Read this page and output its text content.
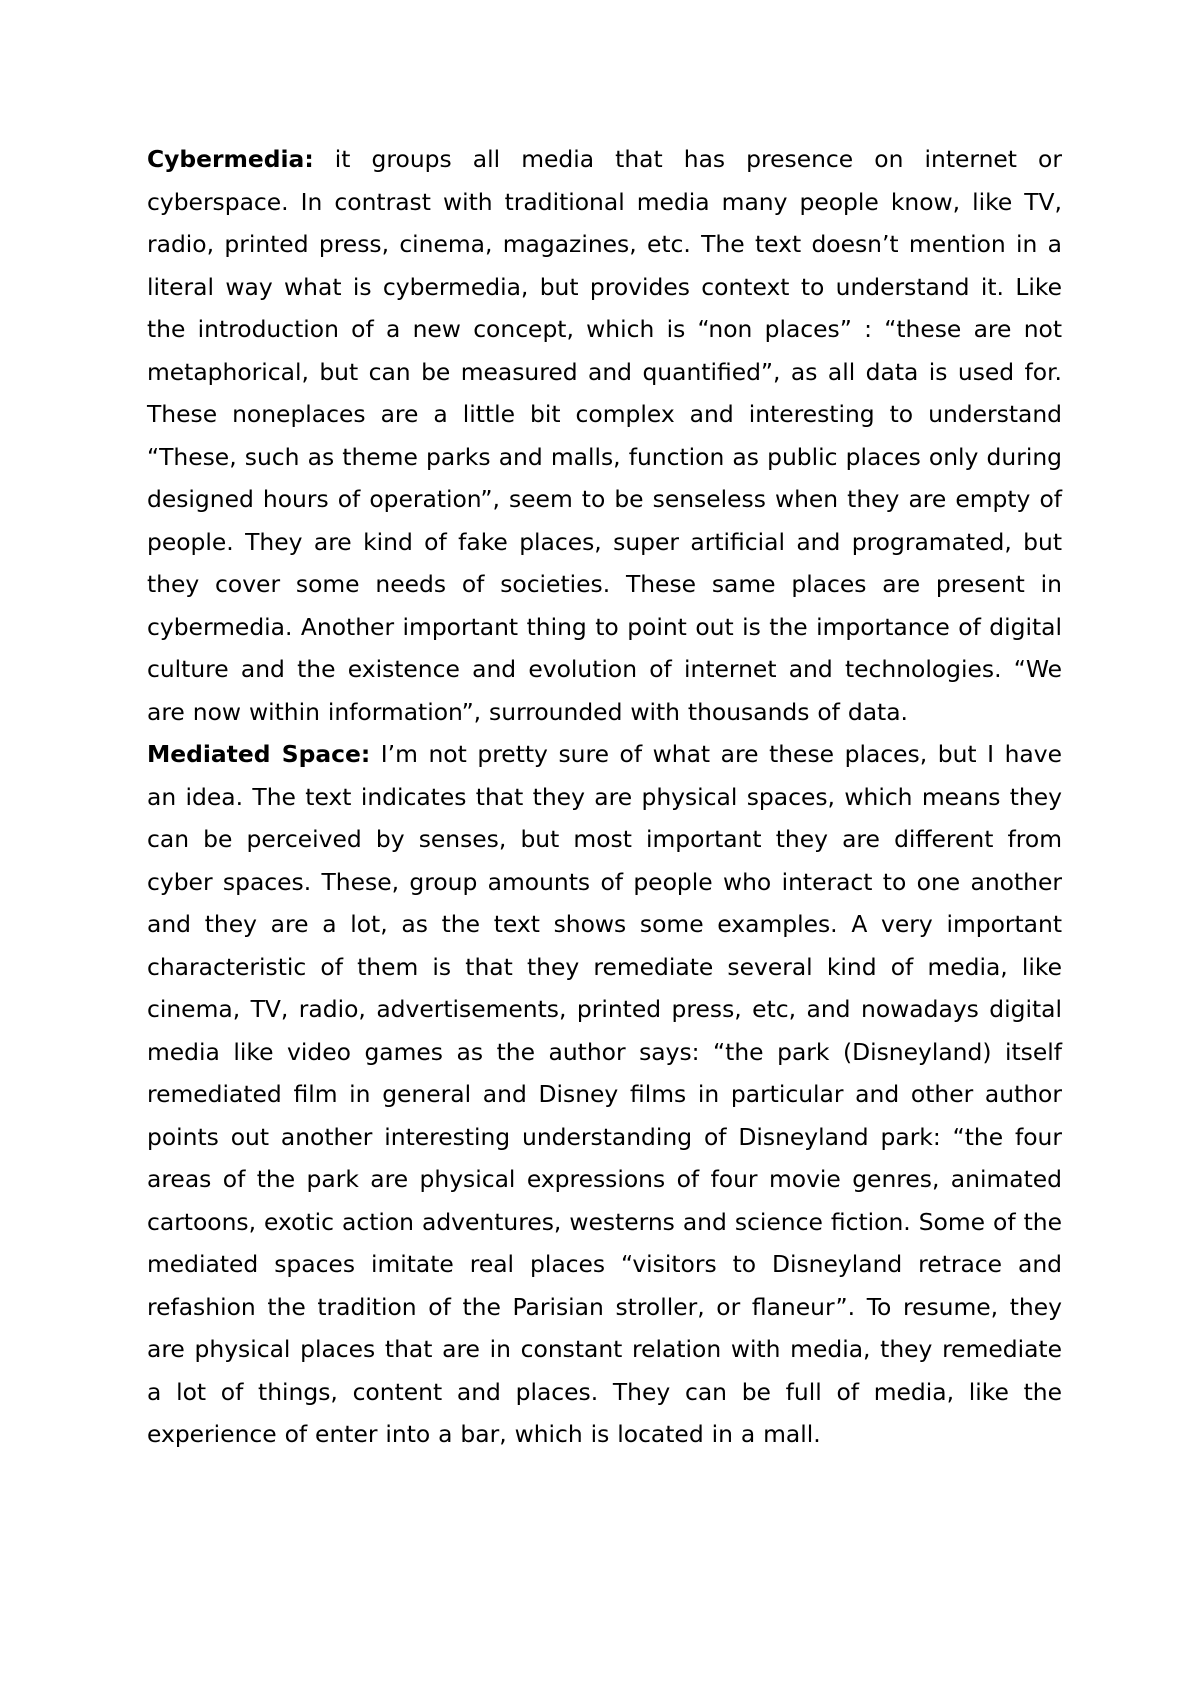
Cybermedia: it groups all media that has presence on internet or cyberspace. In contrast with traditional media many people know, like TV, radio, printed press, cinema, magazines, etc. The text doesn’t mention in a literal way what is cybermedia, but provides context to understand it. Like the introduction of a new concept, which is “non places” : “these are not metaphorical, but can be measured and quantified”, as all data is used for. These noneplaces are a little bit complex and interesting to understand “These, such as theme parks and malls, function as public places only during designed hours of operation”, seem to be senseless when they are empty of people. They are kind of fake places, super artificial and programated, but they cover some needs of societies. These same places are present in cybermedia. Another important thing to point out is the importance of digital culture and the existence and evolution of internet and technologies. “We are now within information”, surrounded with thousands of data.

Mediated Space: I’m not pretty sure of what are these places, but I have an idea. The text indicates that they are physical spaces, which means they can be perceived by senses, but most important they are different from cyber spaces. These, group amounts of people who interact to one another and they are a lot, as the text shows some examples. A very important characteristic of them is that they remediate several kind of media, like cinema, TV, radio, advertisements, printed press, etc, and nowadays digital media like video games as the author says: “the park (Disneyland) itself remediated film in general and Disney films in particular and other author points out another interesting understanding of Disneyland park: “the four areas of the park are physical expressions of four movie genres, animated cartoons, exotic action adventures, westerns and science fiction. Some of the mediated spaces imitate real places “visitors to Disneyland retrace and refashion the tradition of the Parisian stroller, or flaneur”. To resume, they are physical places that are in constant relation with media, they remediate a lot of things, content and places. They can be full of media, like the experience of enter into a bar, which is located in a mall.
